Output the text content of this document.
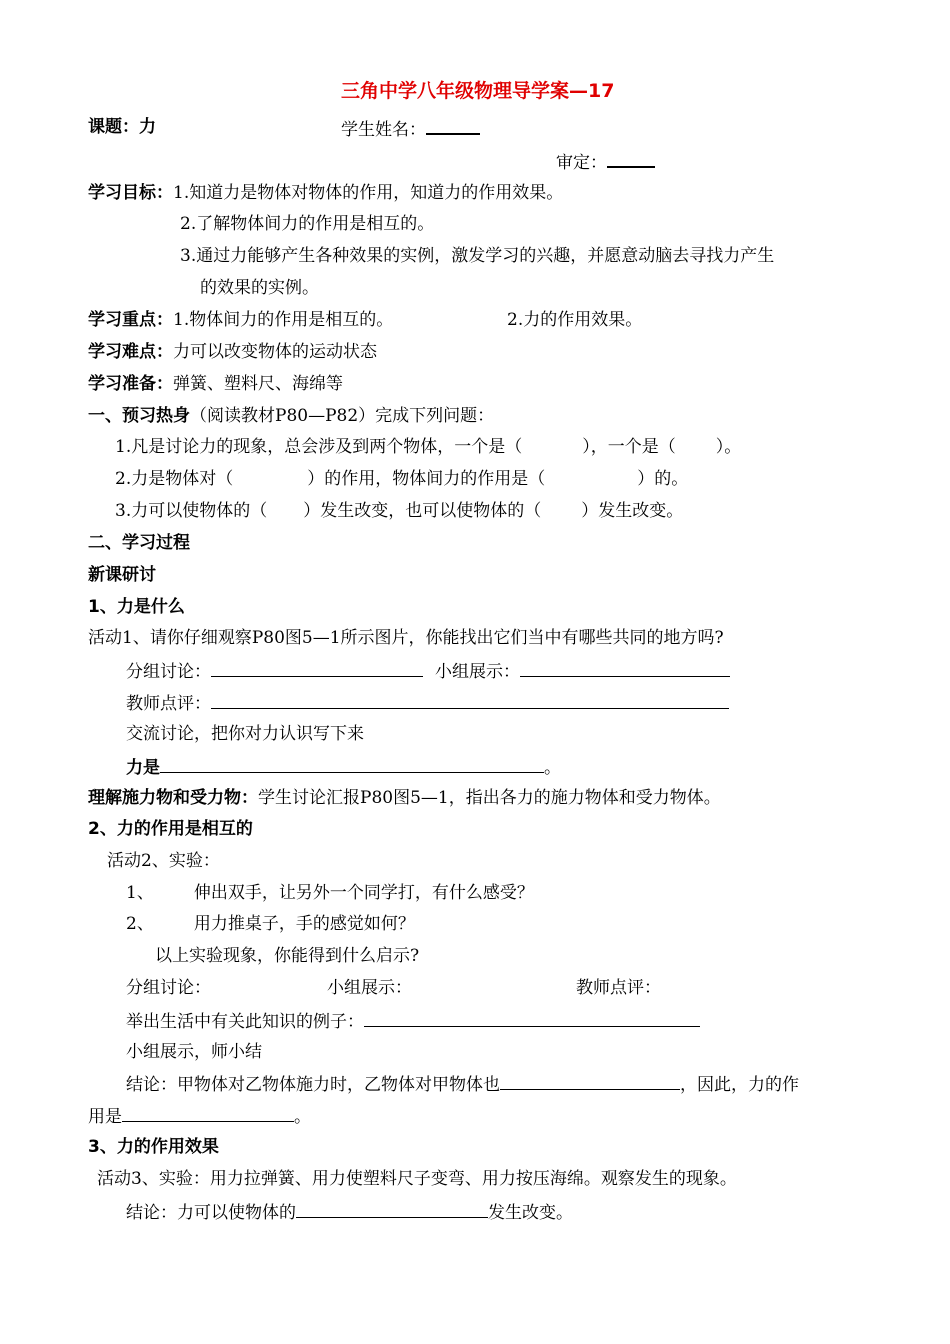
三角中学八年级物理导学案—17
课题：力	学生姓名：
审定：
学习目标：1.知道力是物体对物体的作用，知道力的作用效果。
2.了解物体间力的作用是相互的。
3.通过力能够产生各种效果的实例，激发学习的兴趣，并愿意动脑去寻找力产生
的效果的实例。
学习重点：1.物体间力的作用是相互的。	2.力的作用效果。
学习难点：力可以改变物体的运动状态
学习准备：弹簧、塑料尺、海绵等
一、预习热身（阅读教材P80—P82）完成下列问题：
1.凡是讨论力的现象，总会涉及到两个物体，一个是（	），一个是（ ）。
2.力是物体对（	）的作用，物体间力的作用是（	）的。
3.力可以使物体的（ ）发生改变，也可以使物体的（ ）发生改变。
二、学习过程
新课研讨
1、力是什么
活动1、请你仔细观察P80图5—1所示图片，你能找出它们当中有哪些共同的地方吗?
分组讨论：	小组展示：
教师点评：
交流讨论，把你对力认识写下来
力是	。
理解施力物和受力物：学生讨论汇报P80图5—1，指出各力的施力物体和受力物体。
2、力的作用是相互的
活动2、实验：
1、 伸出双手，让另外一个同学打，有什么感受？
2、 用力推桌子，手的感觉如何？
以上实验现象，你能得到什么启示?
分组讨论：	小组展示：	教师点评：
举出生活中有关此知识的例子：
小组展示，师小结
结论：甲物体对乙物体施力时，乙物体对甲物体也	，因此，力的作
用是	。
3、力的作用效果
活动3、实验：用力拉弹簧、用力使塑料尺子变弯、用力按压海绵。观察发生的现象。
结论：力可以使物体的	发生改变。
